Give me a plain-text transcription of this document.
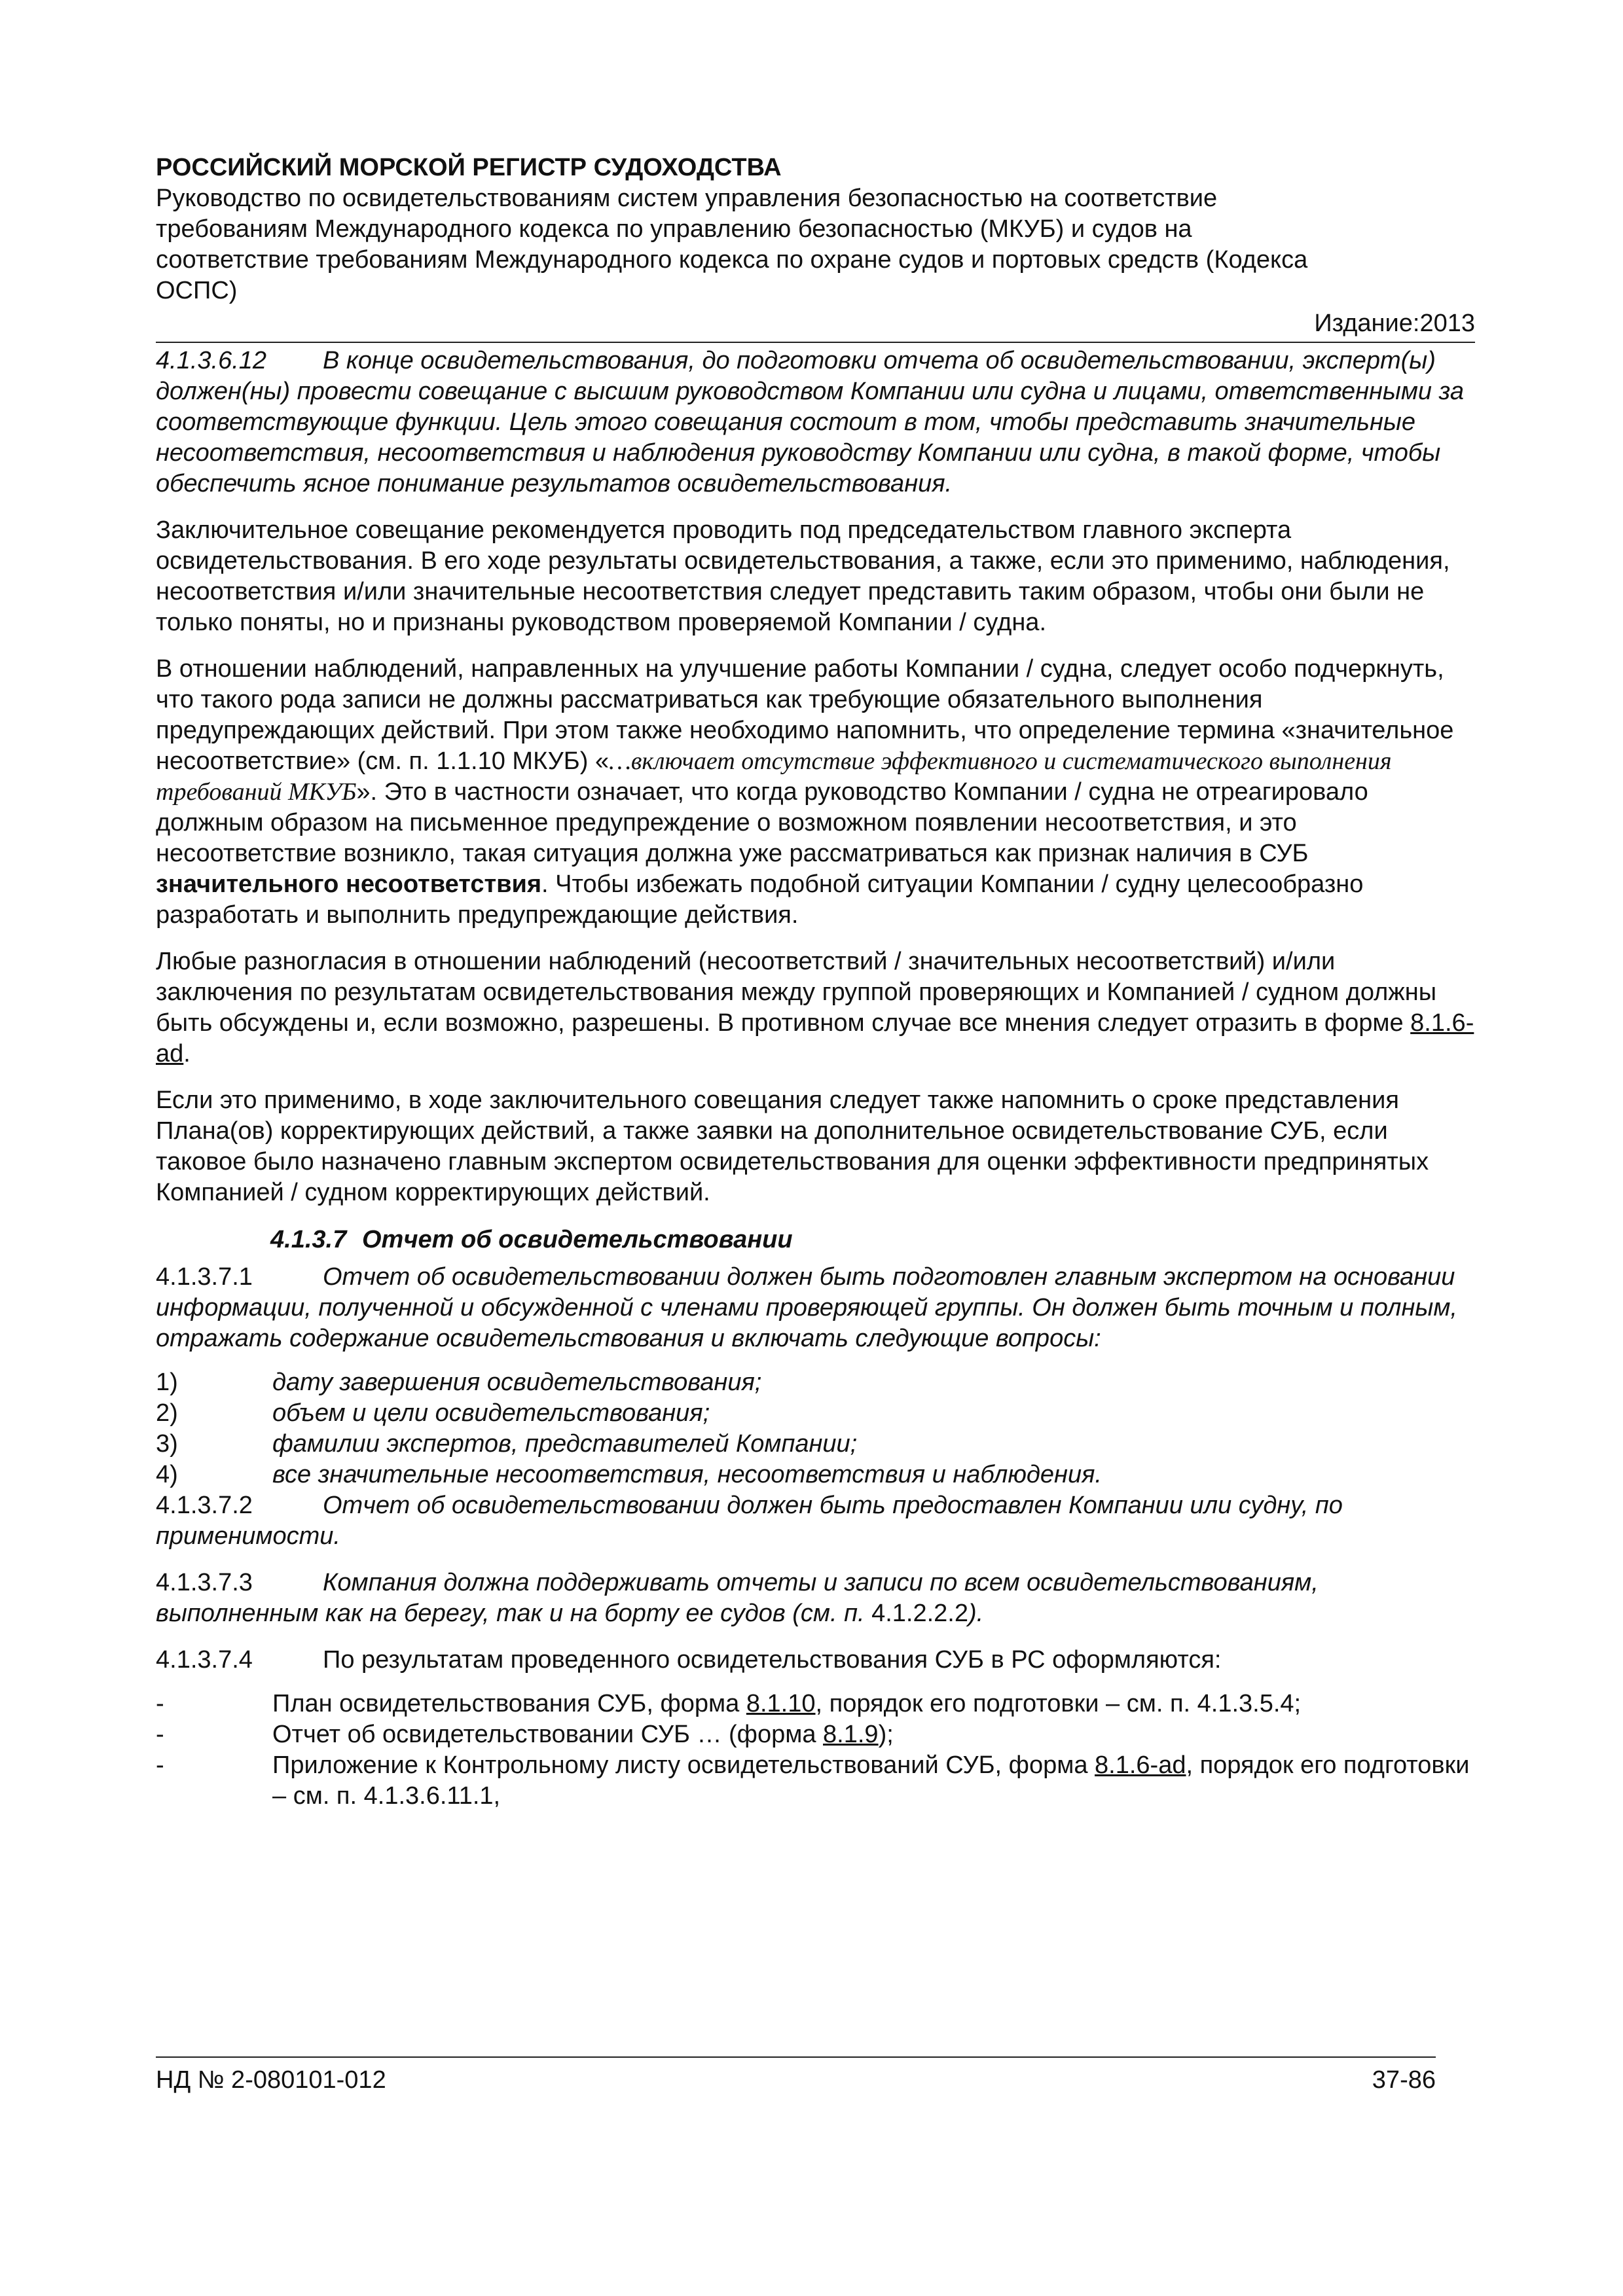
РОССИЙСКИЙ МОРСКОЙ РЕГИСТР СУДОХОДСТВА

Руководство по освидетельствованиям систем управления безопасностью на соответствие

требованиям Международного кодекса по управлению безопасностью (МКУБ) и судов на

соответствие требованиям Международного кодекса по охране судов и портовых средств (Кодекса

ОСПС)

Издание:2013

4.1.3.6.12 В конце освидетельствования, до подготовки отчета об освидетельствовании, эксперт(ы) должен(ны) провести совещание с высшим руководством Компании или судна и лицами, ответственными за соответствующие функции. Цель этого совещания состоит в том, чтобы представить значительные несоответствия, несоответствия и наблюдения руководству Компании или судна, в такой форме, чтобы обеспечить ясное понимание результатов освидетельствования.

Заключительное совещание рекомендуется проводить под председательством главного эксперта освидетельствования. В его ходе результаты освидетельствования, а также, если это применимо, наблюдения, несоответствия и/или значительные несоответствия следует представить таким образом, чтобы они были не только поняты, но и признаны руководством проверяемой Компании / судна.

В отношении наблюдений, направленных на улучшение работы Компании / судна, следует особо подчеркнуть, что такого рода записи не должны рассматриваться как требующие обязательного выполнения предупреждающих действий. При этом также необходимо напомнить, что определение термина «значительное несоответствие» (см. п. 1.1.10 МКУБ) «…включает отсутствие эффективного и систематического выполнения требований МКУБ». Это в частности означает, что когда руководство Компании / судна не отреагировало должным образом на письменное предупреждение о возможном появлении несоответствия, и это несоответствие возникло, такая ситуация должна уже рассматриваться как признак наличия в СУБ значительного несоответствия. Чтобы избежать подобной ситуации Компании / судну целесообразно разработать и выполнить предупреждающие действия.

Любые разногласия в отношении наблюдений (несоответствий / значительных несоответствий) и/или заключения по результатам освидетельствования между группой проверяющих и Компанией / судном должны быть обсуждены и, если возможно, разрешены. В противном случае все мнения следует отразить в форме 8.1.6-ad.

Если это применимо, в ходе заключительного совещания следует также напомнить о сроке представления Плана(ов) корректирующих действий, а также заявки на дополнительное освидетельствование СУБ, если таковое было назначено главным экспертом освидетельствования для оценки эффективности предпринятых Компанией / судном корректирующих действий.

4.1.3.7 Отчет об освидетельствовании

4.1.3.7.1	Отчет об освидетельствовании должен быть подготовлен главным экспертом на основании информации, полученной и обсужденной с членами проверяющей группы. Он должен быть точным и полным, отражать содержание освидетельствования и включать следующие вопросы:

1)	дату завершения освидетельствования;

2)	объем и цели освидетельствования;

3)	фамилии экспертов, представителей Компании;

4)	все значительные несоответствия, несоответствия и наблюдения.

4.1.3.7.2	Отчет об освидетельствовании должен быть предоставлен Компании или судну, по применимости.

4.1.3.7.3	Компания должна поддерживать отчеты и записи по всем освидетельствованиям, выполненным как на берегу, так и на борту ее судов (см. п. 4.1.2.2.2).

4.1.3.7.4	По результатам проведенного освидетельствования СУБ в РС оформляются:

-	План освидетельствования СУБ, форма 8.1.10, порядок его подготовки – см. п. 4.1.3.5.4;

-	Отчет об освидетельствовании СУБ … (форма 8.1.9);

-	Приложение к Контрольному листу освидетельствований СУБ, форма 8.1.6-ad, порядок его подготовки – см. п. 4.1.3.6.11.1,

НД № 2-080101-012	37-86
